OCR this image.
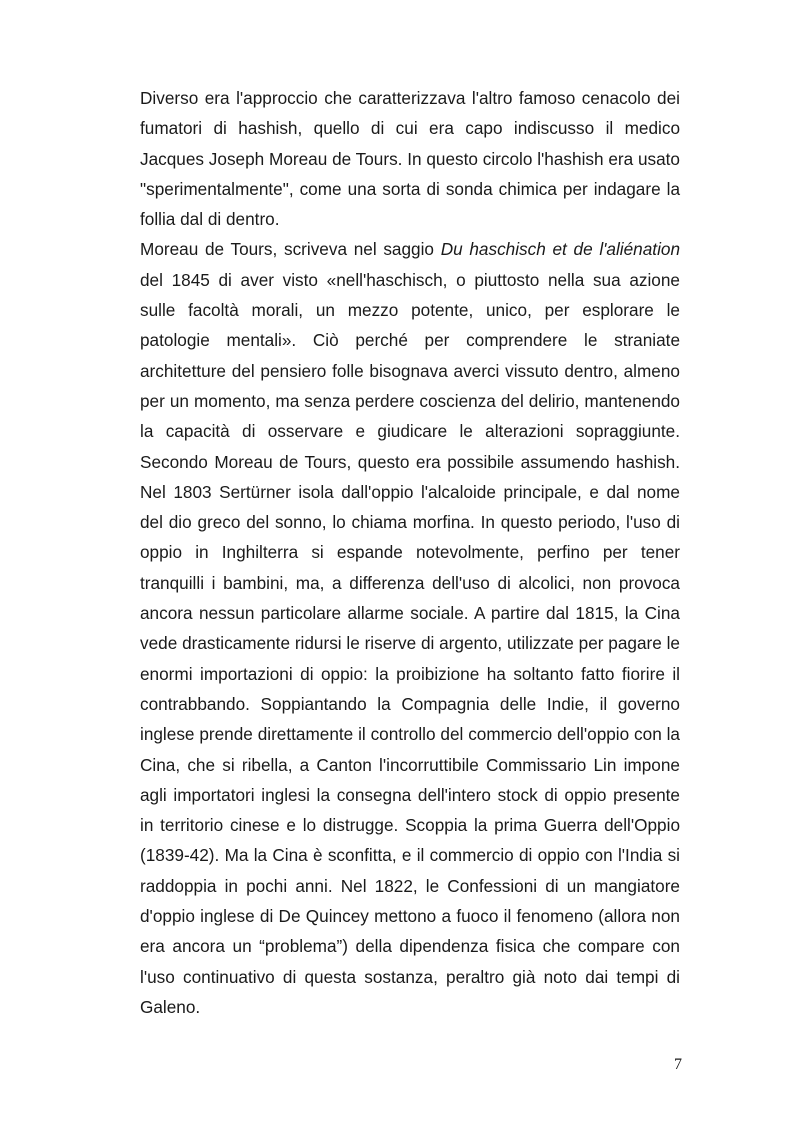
Diverso era l'approccio che caratterizzava l'altro famoso cenacolo dei fumatori di hashish, quello di cui era capo indiscusso il medico Jacques Joseph Moreau de Tours. In questo circolo l'hashish era usato "sperimentalmente", come una sorta di sonda chimica per indagare la follia dal di dentro.

Moreau de Tours, scriveva nel saggio Du haschisch et de l'aliénation del 1845 di aver visto «nell'haschisch, o piuttosto nella sua azione sulle facoltà morali, un mezzo potente, unico, per esplorare le patologie mentali». Ciò perché per comprendere le straniate architetture del pensiero folle bisognava averci vissuto dentro, almeno per un momento, ma senza perdere coscienza del delirio, mantenendo la capacità di osservare e giudicare le alterazioni sopraggiunte. Secondo Moreau de Tours, questo era possibile assumendo hashish. Nel 1803 Sertürner isola dall'oppio l'alcaloide principale, e dal nome del dio greco del sonno, lo chiama morfina. In questo periodo, l'uso di oppio in Inghilterra si espande notevolmente, perfino per tener tranquilli i bambini, ma, a differenza dell'uso di alcolici, non provoca ancora nessun particolare allarme sociale. A partire dal 1815, la Cina vede drasticamente ridursi le riserve di argento, utilizzate per pagare le enormi importazioni di oppio: la proibizione ha soltanto fatto fiorire il contrabbando. Soppiantando la Compagnia delle Indie, il governo inglese prende direttamente il controllo del commercio dell'oppio con la Cina, che si ribella, a Canton l'incorruttibile Commissario Lin impone agli importatori inglesi la consegna dell'intero stock di oppio presente in territorio cinese e lo distrugge. Scoppia la prima Guerra dell'Oppio (1839-42). Ma la Cina è sconfitta, e il commercio di oppio con l'India si raddoppia in pochi anni. Nel 1822, le Confessioni di un mangiatore d'oppio inglese di De Quincey mettono a fuoco il fenomeno (allora non era ancora un “problema”) della dipendenza fisica che compare con l'uso continuativo di questa sostanza, peraltro già noto dai tempi di Galeno.

7
